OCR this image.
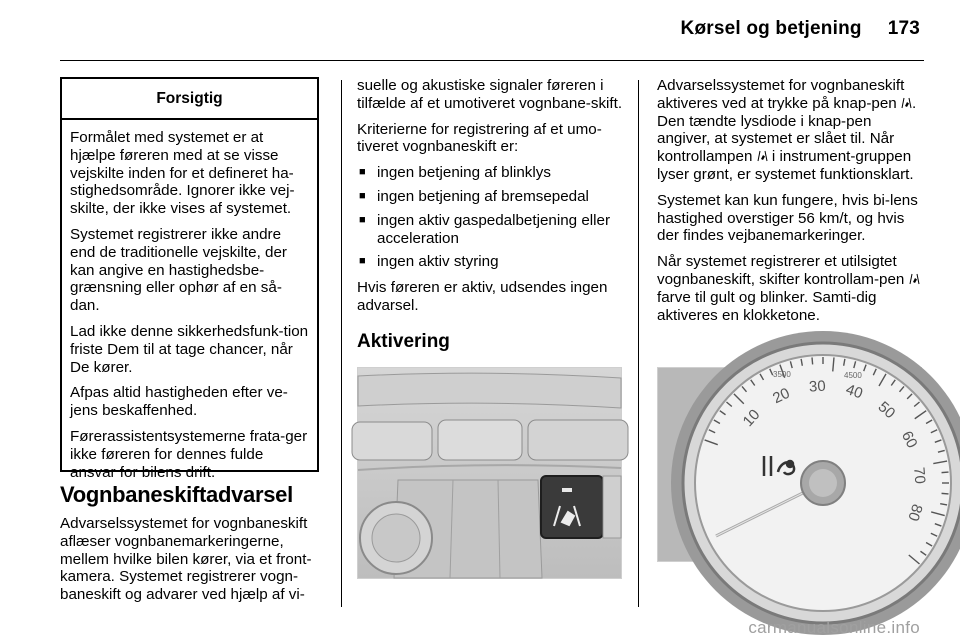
Kørsel og betjening 173
Forsigtig

Formålet med systemet er at hjælpe føreren med at se visse vejskilte inden for et defineret ha-stighedsområde. Ignorer ikke vej-skilte, der ikke vises af systemet.

Systemet registrerer ikke andre end de traditionelle vejskilte, der kan angive en hastighedsbe-grænsning eller ophør af en så-dan.

Lad ikke denne sikkerhedsfunk-tion friste Dem til at tage chancer, når De kører.

Afpas altid hastigheden efter ve-jens beskaffenhed.

Førerassistentsystemerne frata-ger ikke føreren for dennes fulde ansvar for bilens drift.

Vognbaneskiftadvarsel

Advarselssystemet for vognbaneskift aflæser vognbanemarkeringerne, mellem hvilke bilen kører, via et front-kamera. Systemet registrerer vogn-baneskift og advarer ved hjælp af vi-

suelle og akustiske signaler føreren i tilfælde af et umotiveret vognbane-skift.

Kriterierne for registrering af et umo-tiveret vognbaneskift er:

■ ingen betjening af blinklys
■ ingen betjening af bremsepedal
■ ingen aktiv gaspedalbetjening eller acceleration
■ ingen aktiv styring

Hvis føreren er aktiv, udsendes ingen advarsel.

Aktivering

Advarselssystemet for vognbaneskift aktiveres ved at trykke på knap-pen . Den tændte lysdiode i knap-pen angiver, at systemet er slået til. Når kontrollampen i instrument-gruppen lyser grønt, er systemet funktionsklart.

Systemet kan kun fungere, hvis bi-lens hastighed overstiger 56 km/t, og hvis der findes vejbanemarkeringer.

Når systemet registrerer et utilsigtet vognbaneskift, skifter kontrollam-pen  farve til gult og blinker. Samti-dig aktiveres en klokketone.

10
20 30 40
50
60
70
80
3500	4500
carmanualsonline.info
